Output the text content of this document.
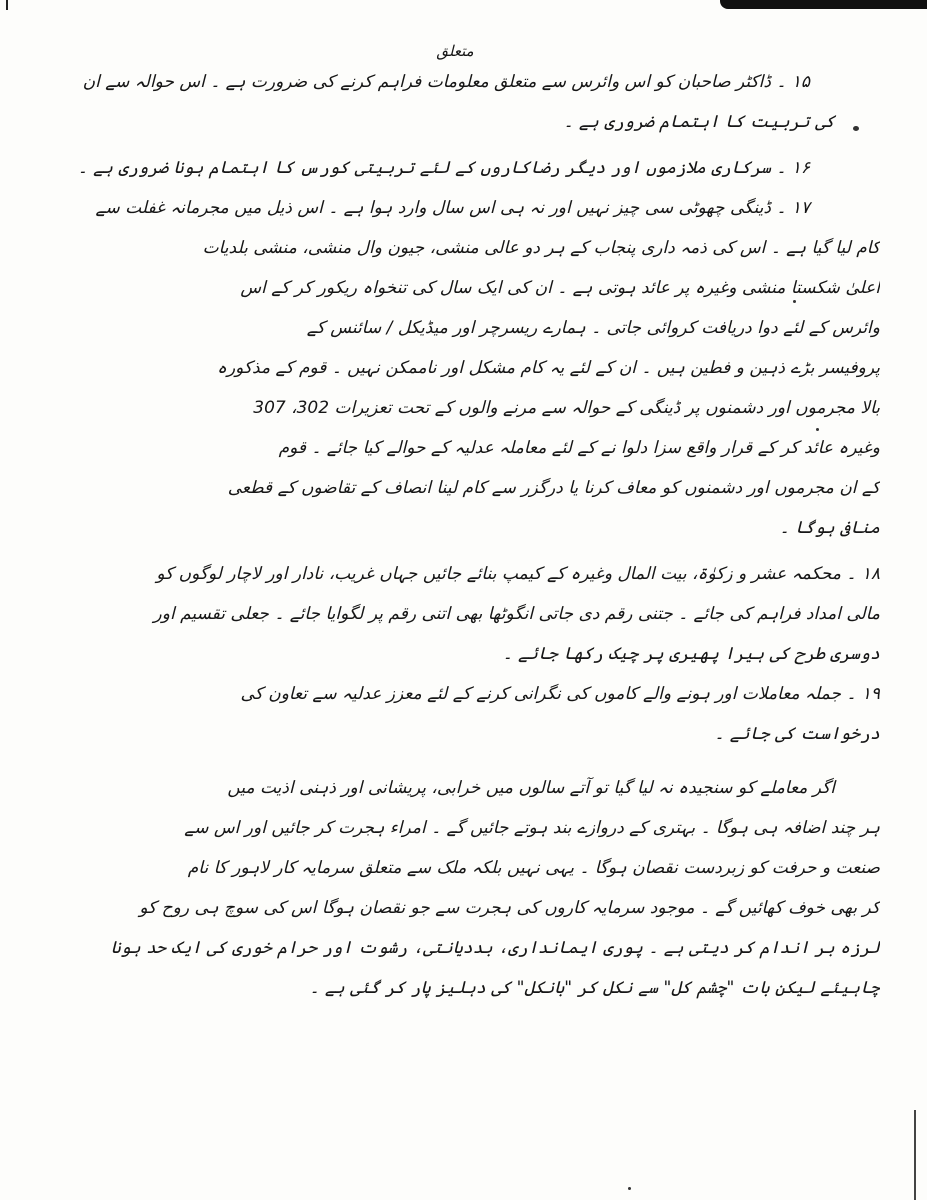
متعلق
۱۵ ۔ ڈاکٹر صاحبان کو اس وائرس سے متعلق معلومات فراہم کرنے کی ضرورت ہے ۔ اس حوالہ سے ان
کی تربیت کا اہتمام ضروری ہے ۔
۱۶ ۔ سرکاری ملازموں اور دیگر رضاکاروں کے لئے تربیتی کورس کا اہتمام ہونا ضروری ہے ۔
۱۷ ۔ ڈینگی چھوٹی سی چیز نہیں اور نہ ہی اس سال وارد ہوا ہے ۔ اس ذیل میں مجرمانہ غفلت سے
کام لیا گیا ہے ۔ اس کی ذمہ داری پنجاب کے ہر دو عالی منشی، جیون وال منشی، منشی بلدیات
اعلیٰ شکستا منشی وغیرہ پر عائد ہوتی ہے ۔ ان کی ایک سال کی تنخواہ ریکور کر کے اس
وائرس کے لئے دوا دریافت کروائی جاتی ۔ ہمارے ریسرچر اور میڈیکل / سائنس کے
پروفیسر بڑے ذہین و فطین ہیں ۔ ان کے لئے یہ کام مشکل اور ناممکن نہیں ۔ قوم کے مذکورہ
بالا مجرموں اور دشمنوں پر ڈینگی کے حوالہ سے مرنے والوں کے تحت تعزیرات 302، 307
وغیرہ عائد کر کے قرار واقع سزا دلوا نے کے لئے معاملہ عدلیہ کے حوالے کیا جائے ۔ قوم
کے ان مجرموں اور دشمنوں کو معاف کرنا یا درگزر سے کام لینا انصاف کے تقاضوں کے قطعی
منافی ہوگا ۔
۱۸ ۔ محکمہ عشر و زکوٰۃ، بیت المال وغیرہ کے کیمپ بنائے جائیں جہاں غریب، نادار اور لاچار لوگوں کو
مالی امداد فراہم کی جائے ۔ جتنی رقم دی جاتی انگوٹھا بھی اتنی رقم پر لگوایا جائے ۔ جعلی تقسیم اور
دوسری طرح کی ہیرا پھیری پر چیک رکھا جائے ۔
۱۹ ۔ جملہ معاملات اور ہونے والے کاموں کی نگرانی کرنے کے لئے معزز عدلیہ سے تعاون کی
درخواست کی جائے ۔
اگر معاملے کو سنجیدہ نہ لیا گیا تو آتے سالوں میں خرابی، پریشانی اور ذہنی اذیت میں
ہر چند اضافہ ہی ہوگا ۔ بہتری کے دروازے بند ہوتے جائیں گے ۔ امراء ہجرت کر جائیں اور اس سے
صنعت و حرفت کو زبردست نقصان ہوگا ۔ یہی نہیں بلکہ ملک سے متعلق سرمایہ کار لاہور کا نام
کر بھی خوف کھائیں گے ۔ موجود سرمایہ کاروں کی ہجرت سے جو نقصان ہوگا اس کی سوچ ہی روح کو
لرزہ بر اندام کر دیتی ہے ۔ پوری ایمانداری، بددیانتی، رشوت اور حرام خوری کی ایک حد ہونا
چاہیئے لیکن بات "چشم کل" سے نکل کر "بانکل" کی دہلیز پار کر گئی ہے ۔
